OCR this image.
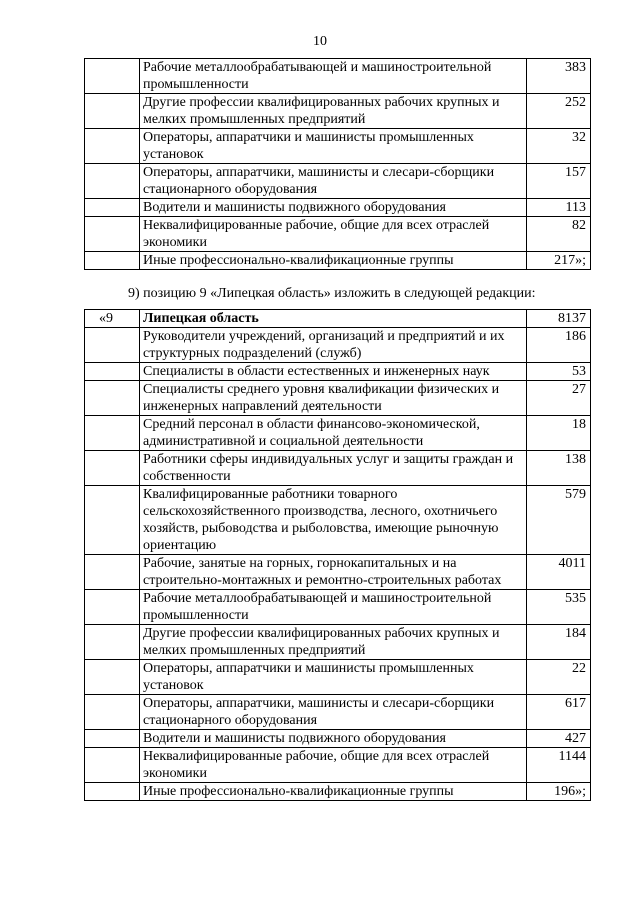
10
	Рабочие металлообрабатывающей и машиностроительной промышленности	383
	Другие профессии квалифицированных рабочих крупных и мелких промышленных предприятий	252
	Операторы, аппаратчики и машинисты промышленных установок	32
	Операторы, аппаратчики, машинисты и слесари-сборщики стационарного оборудования	157
	Водители и машинисты подвижного оборудования	113
	Неквалифицированные рабочие, общие для всех отраслей экономики	82
	Иные профессионально-квалификационные группы	217»;
9) позицию 9 «Липецкая область» изложить в следующей редакции:
«9	Липецкая область	8137
	Руководители учреждений, организаций и предприятий и их структурных подразделений (служб)	186
	Специалисты в области естественных и инженерных наук	53
	Специалисты среднего уровня квалификации физических и инженерных направлений деятельности	27
	Средний персонал в области финансово-экономической, административной и социальной деятельности	18
	Работники сферы индивидуальных услуг и защиты граждан и собственности	138
	Квалифицированные работники товарного сельскохозяйственного производства, лесного, охотничьего хозяйств, рыбоводства и рыболовства, имеющие рыночную ориентацию	579
	Рабочие, занятые на горных, горнокапитальных и на строительно-монтажных и ремонтно-строительных работах	4011
	Рабочие металлообрабатывающей и машиностроительной промышленности	535
	Другие профессии квалифицированных рабочих крупных и мелких промышленных предприятий	184
	Операторы, аппаратчики и машинисты промышленных установок	22
	Операторы, аппаратчики, машинисты и слесари-сборщики стационарного оборудования	617
	Водители и машинисты подвижного оборудования	427
	Неквалифицированные рабочие, общие для всех отраслей экономики	1144
	Иные профессионально-квалификационные группы	196»;
